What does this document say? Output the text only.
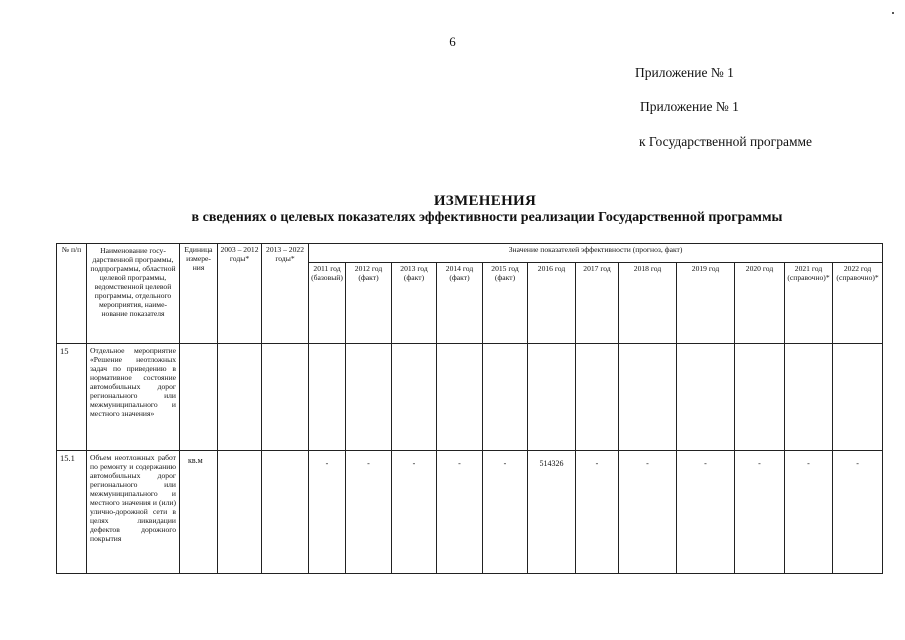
6
Приложение № 1
Приложение № 1
к Государственной программе
ИЗМЕНЕНИЯ
в сведениях о целевых показателях эффективности реализации Государственной программы
№ п/п	Наименование государственной программы, подпрограммы, областной целевой программы, ведомственной целевой программы, отдельного мероприятия, наименование показателя	Единица измерения	2003 – 2012 годы*	2013 – 2022 годы*	Значение показателей эффективности (прогноз, факт)											
					2011 год (базовый)	2012 год (факт)	2013 год (факт)	2014 год (факт)	2015 год (факт)	2016 год	2017 год	2018 год	2019 год	2020 год	2021 год (справочно)*	2022 год (справочно)*
15	Отдельное мероприятие «Решение неотложных задач по приведению в нормативное состояние автомобильных дорог регионального или межмуниципального и местного значения»															
15.1	Объем неотложных работ по ремонту и содержанию автомобильных дорог регионального или межмуниципального и местного значения и (или) улично-дорожной сети в целях ликвидации дефектов дорожного покрытия	кв.м			-	-	-	-	-	514326	-	-	-	-	-	-
